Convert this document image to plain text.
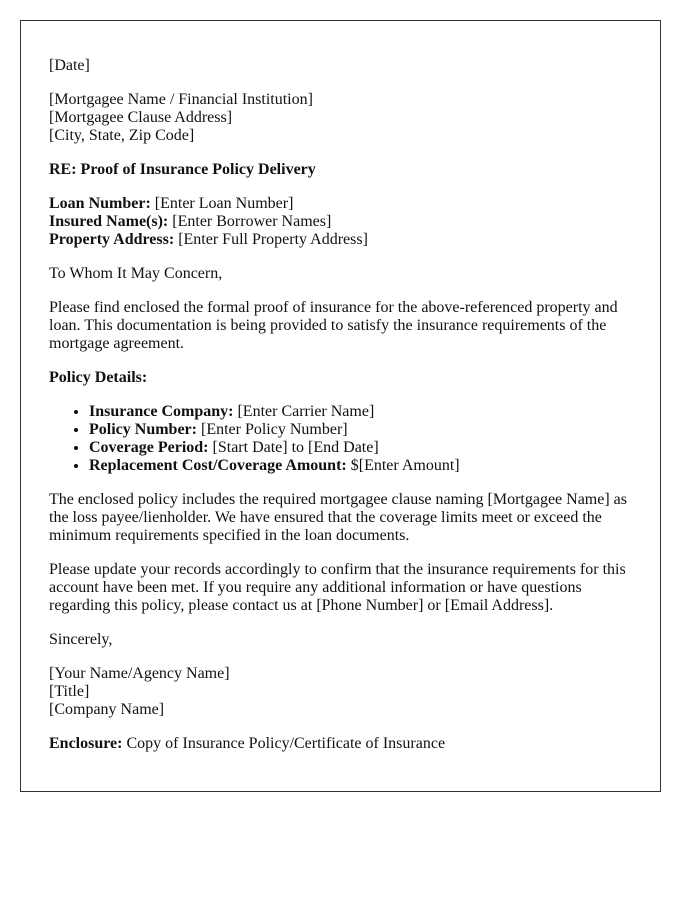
[Date]

[Mortgagee Name / Financial Institution]
[Mortgagee Clause Address]
[City, State, Zip Code]

RE: Proof of Insurance Policy Delivery

Loan Number: [Enter Loan Number]
Insured Name(s): [Enter Borrower Names]
Property Address: [Enter Full Property Address]

To Whom It May Concern,

Please find enclosed the formal proof of insurance for the above-referenced property and loan. This documentation is being provided to satisfy the insurance requirements of the mortgage agreement.

Policy Details:

• Insurance Company: [Enter Carrier Name]
• Policy Number: [Enter Policy Number]
• Coverage Period: [Start Date] to [End Date]
• Replacement Cost/Coverage Amount: $[Enter Amount]

The enclosed policy includes the required mortgagee clause naming [Mortgagee Name] as the loss payee/lienholder. We have ensured that the coverage limits meet or exceed the minimum requirements specified in the loan documents.

Please update your records accordingly to confirm that the insurance requirements for this account have been met. If you require any additional information or have questions regarding this policy, please contact us at [Phone Number] or [Email Address].

Sincerely,

[Your Name/Agency Name]
[Title]
[Company Name]

Enclosure: Copy of Insurance Policy/Certificate of Insurance
